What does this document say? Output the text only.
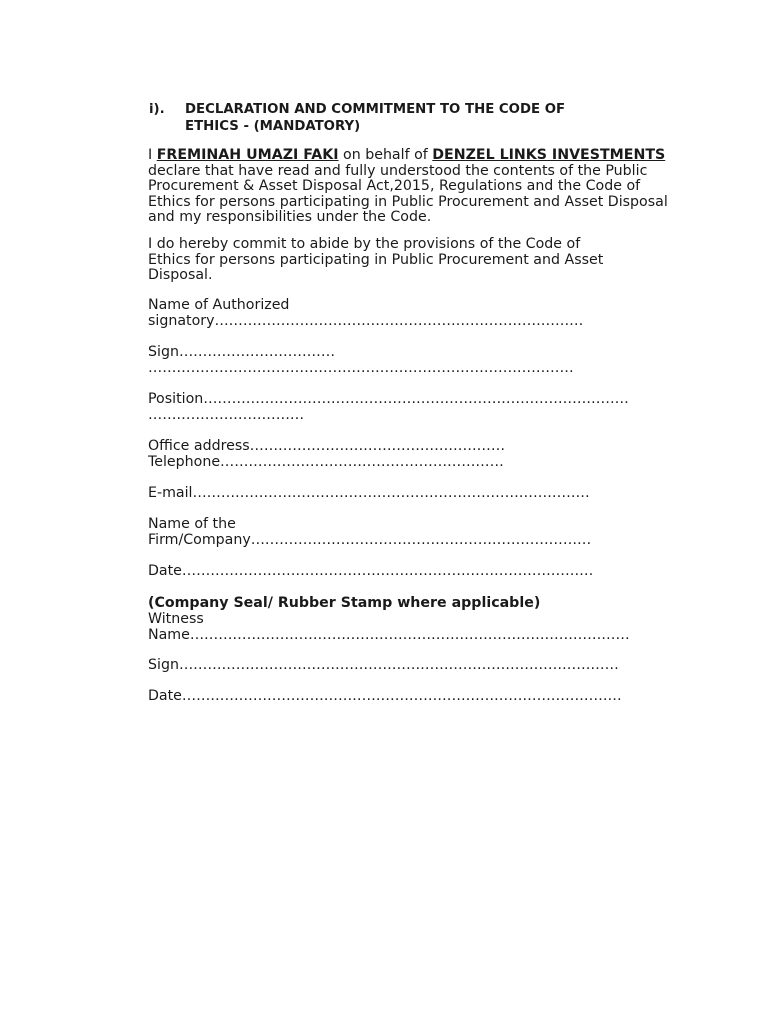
i). DECLARATION AND COMMITMENT TO THE CODE OF
ETHICS - (MANDATORY)
I FREMINAH UMAZI FAKI on behalf of DENZEL LINKS INVESTMENTS
declare that have read and fully understood the contents of the Public
Procurement & Asset Disposal Act,2015, Regulations and the Code of
Ethics for persons participating in Public Procurement and Asset Disposal
and my responsibilities under the Code.
I do hereby commit to abide by the provisions of the Code of
Ethics for persons participating in Public Procurement and Asset
Disposal.
Name of Authorized
signatory……………………………………………………………………
Sign……………………………
………………………………………………………………………………
Position………………………………………………………………………………
……………………………
Office address………………………………………………
Telephone……………………………………………………
E-mail…………………………………………………………………………
Name of the
Firm/Company………………………………………………………………
Date……………………………………………………………………………
(Company Seal/ Rubber Stamp where applicable)
Witness
Name…………………………………………………………………………………
Sign…………………………………………………………………………………
Date…………………………………………………………………………………
